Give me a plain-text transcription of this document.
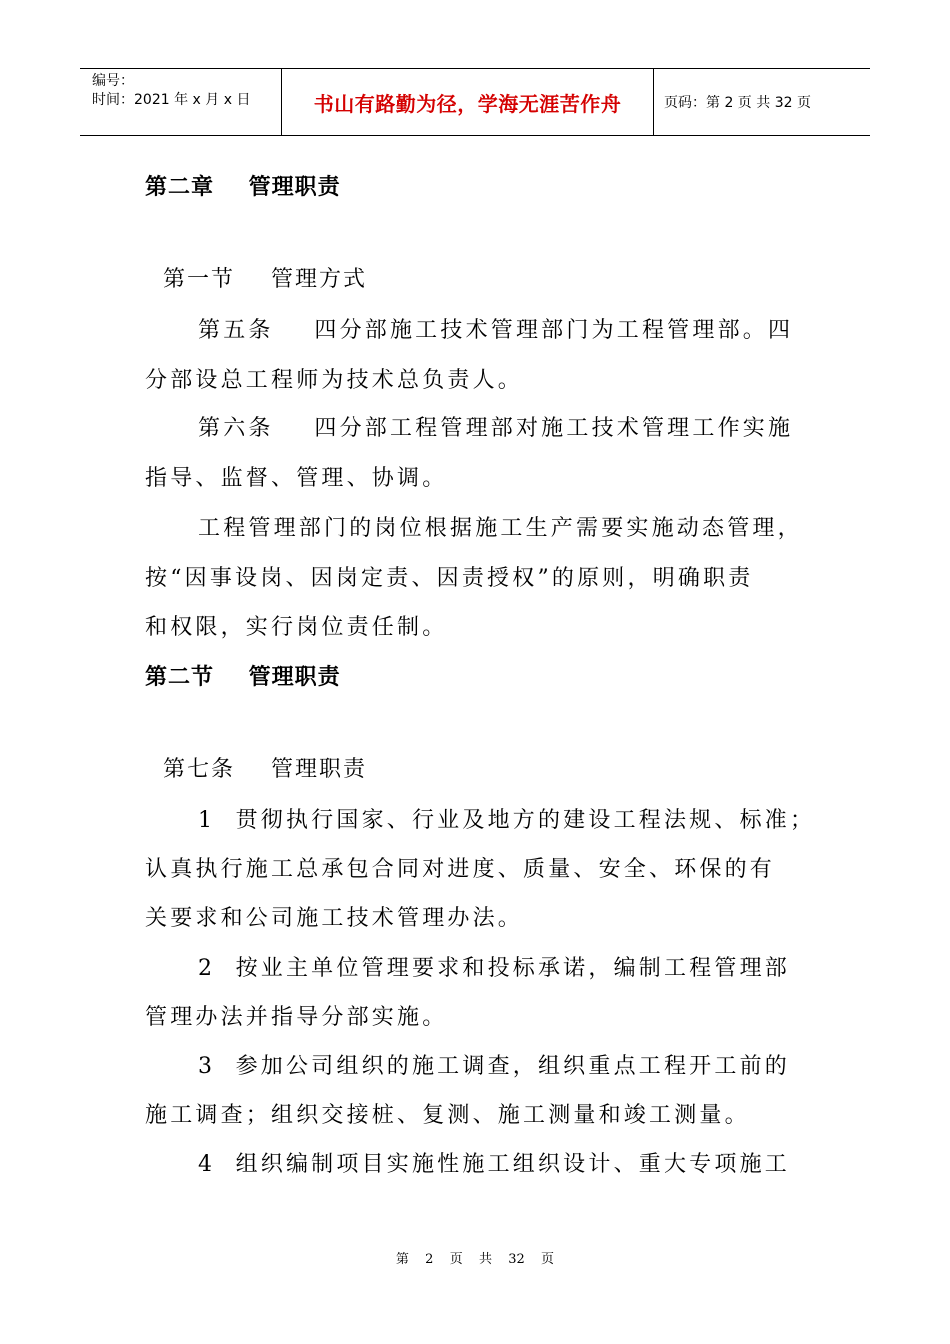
编号：
时间：2021 年 x 月 x 日	书山有路勤为径，学海无涯苦作舟	页码：第 2 页 共 32 页
第二章    管理职责
第一节    管理方式
第五条    四分部施工技术管理部门为工程管理部。四
分部设总工程师为技术总负责人。
第六条    四分部工程管理部对施工技术管理工作实施
指导、监督、管理、协调。
工程管理部门的岗位根据施工生产需要实施动态管理，
按“因事设岗、因岗定责、因责授权”的原则，明确职责
和权限，实行岗位责任制。
第二节    管理职责
第七条    管理职责
1  贯彻执行国家、行业及地方的建设工程法规、标准；
认真执行施工总承包合同对进度、质量、安全、环保的有
关要求和公司施工技术管理办法。
2  按业主单位管理要求和投标承诺，编制工程管理部
管理办法并指导分部实施。
3  参加公司组织的施工调查，组织重点工程开工前的
施工调查；组织交接桩、复测、施工测量和竣工测量。
4  组织编制项目实施性施工组织设计、重大专项施工
第  2  页  共  32  页
